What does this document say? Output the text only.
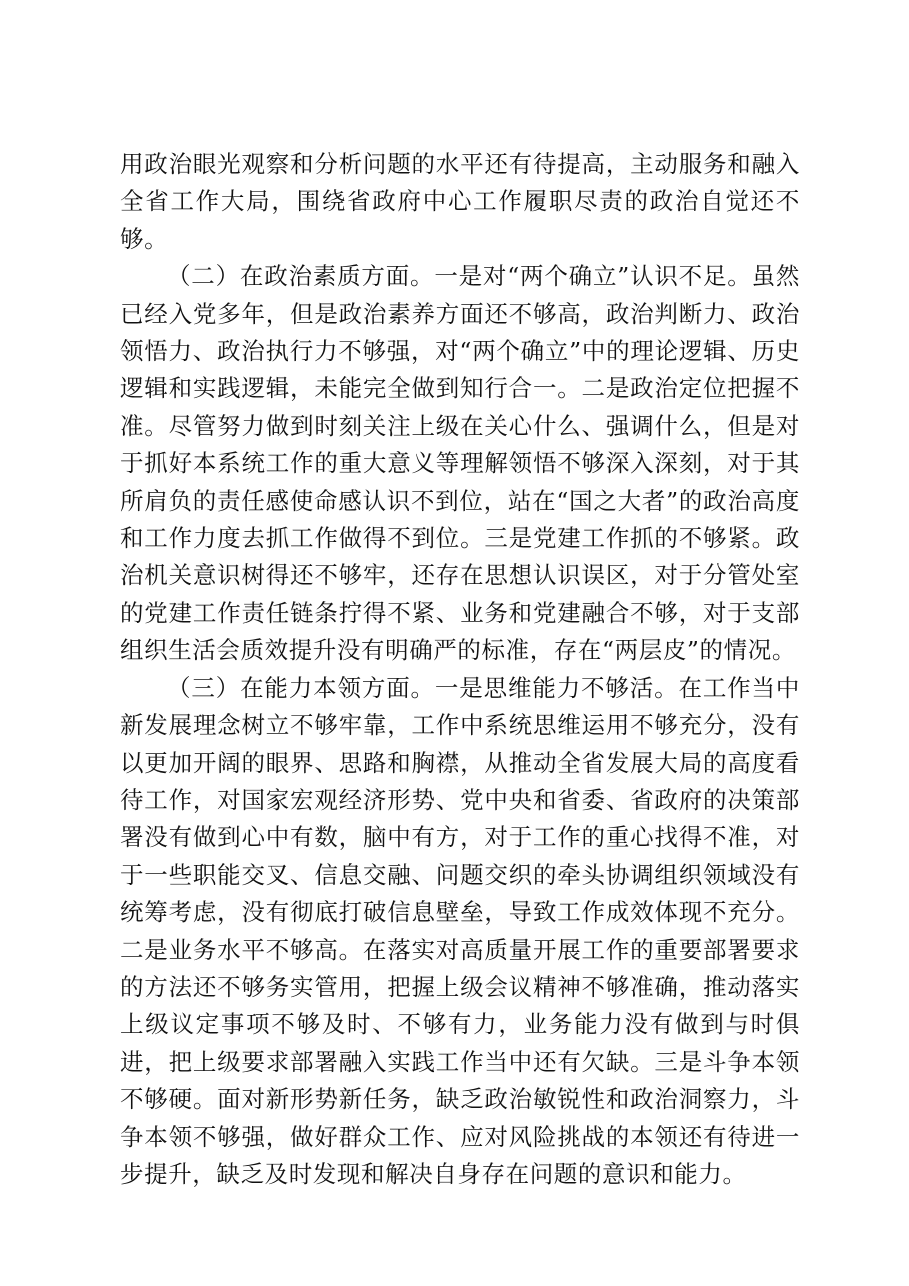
用政治眼光观察和分析问题的水平还有待提高，主动服务和融入全省工作大局，围绕省政府中心工作履职尽责的政治自觉还不够。

（二）在政治素质方面。一是对“两个确立”认识不足。虽然已经入党多年，但是政治素养方面还不够高，政治判断力、政治领悟力、政治执行力不够强，对“两个确立”中的理论逻辑、历史逻辑和实践逻辑，未能完全做到知行合一。二是政治定位把握不准。尽管努力做到时刻关注上级在关心什么、强调什么，但是对于抓好本系统工作的重大意义等理解领悟不够深入深刻，对于其所肩负的责任感使命感认识不到位，站在“国之大者”的政治高度和工作力度去抓工作做得不到位。三是党建工作抓的不够紧。政治机关意识树得还不够牢，还存在思想认识误区，对于分管处室的党建工作责任链条拧得不紧、业务和党建融合不够，对于支部组织生活会质效提升没有明确严的标准，存在“两层皮”的情况。

（三）在能力本领方面。一是思维能力不够活。在工作当中新发展理念树立不够牢靠，工作中系统思维运用不够充分，没有以更加开阔的眼界、思路和胸襟，从推动全省发展大局的高度看待工作，对国家宏观经济形势、党中央和省委、省政府的决策部署没有做到心中有数，脑中有方，对于工作的重心找得不准，对于一些职能交叉、信息交融、问题交织的牵头协调组织领域没有统筹考虑，没有彻底打破信息壁垒，导致工作成效体现不充分。二是业务水平不够高。在落实对高质量开展工作的重要部署要求的方法还不够务实管用，把握上级会议精神不够准确，推动落实上级议定事项不够及时、不够有力，业务能力没有做到与时俱进，把上级要求部署融入实践工作当中还有欠缺。三是斗争本领不够硬。面对新形势新任务，缺乏政治敏锐性和政治洞察力，斗争本领不够强，做好群众工作、应对风险挑战的本领还有待进一步提升，缺乏及时发现和解决自身存在问题的意识和能力。
